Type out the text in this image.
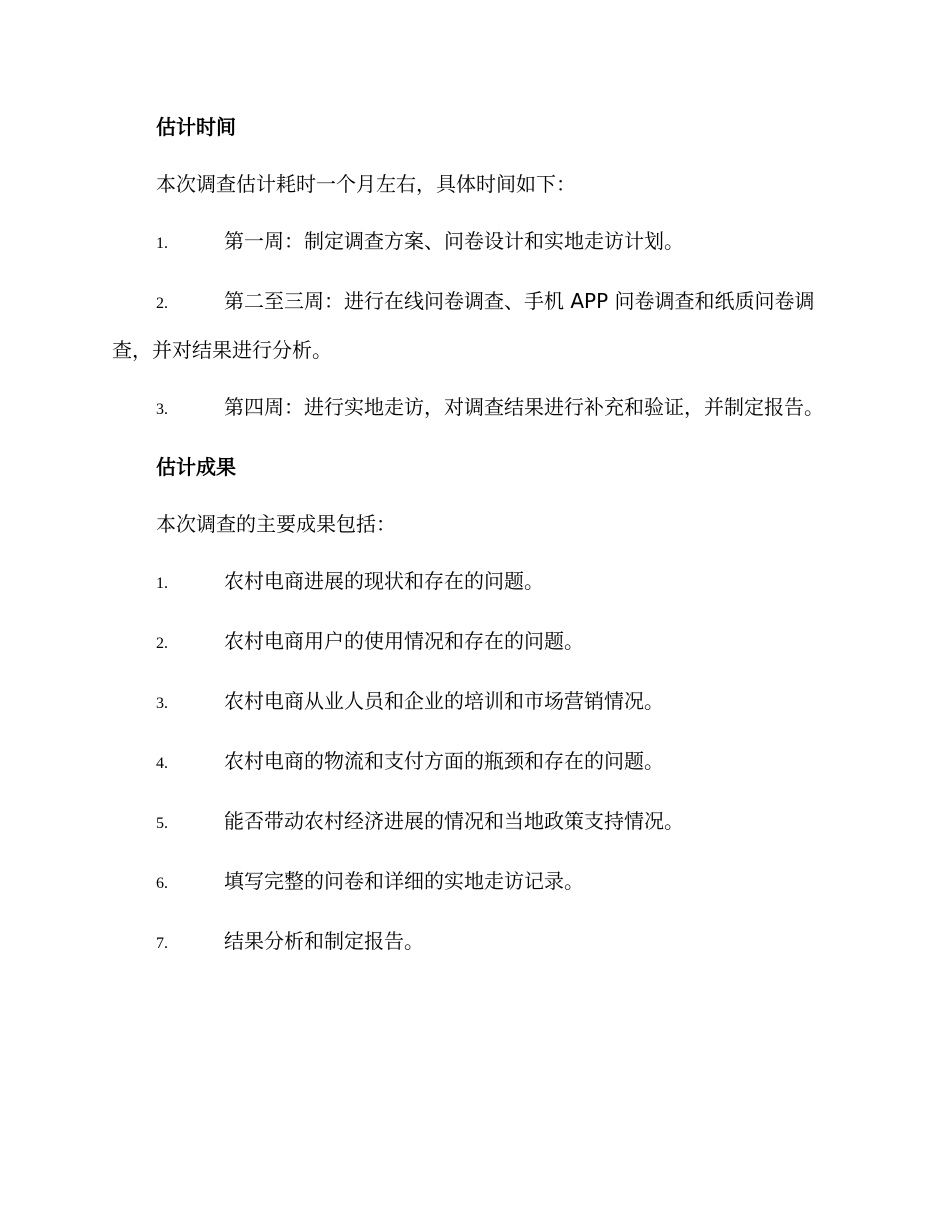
估计时间

本次调查估计耗时一个月左右，具体时间如下：

1.	第一周：制定调查方案、问卷设计和实地走访计划。
2.	第二至三周：进行在线问卷调查、手机 APP 问卷调查和纸质问卷调查，并对结果进行分析。
3.	第四周：进行实地走访，对调查结果进行补充和验证，并制定报告。
估计成果

本次调查的主要成果包括：

1.	农村电商进展的现状和存在的问题。
2.	农村电商用户的使用情况和存在的问题。
3.	农村电商从业人员和企业的培训和市场营销情况。
4.	农村电商的物流和支付方面的瓶颈和存在的问题。
5.	能否带动农村经济进展的情况和当地政策支持情况。
6.	填写完整的问卷和详细的实地走访记录。
7.	结果分析和制定报告。
